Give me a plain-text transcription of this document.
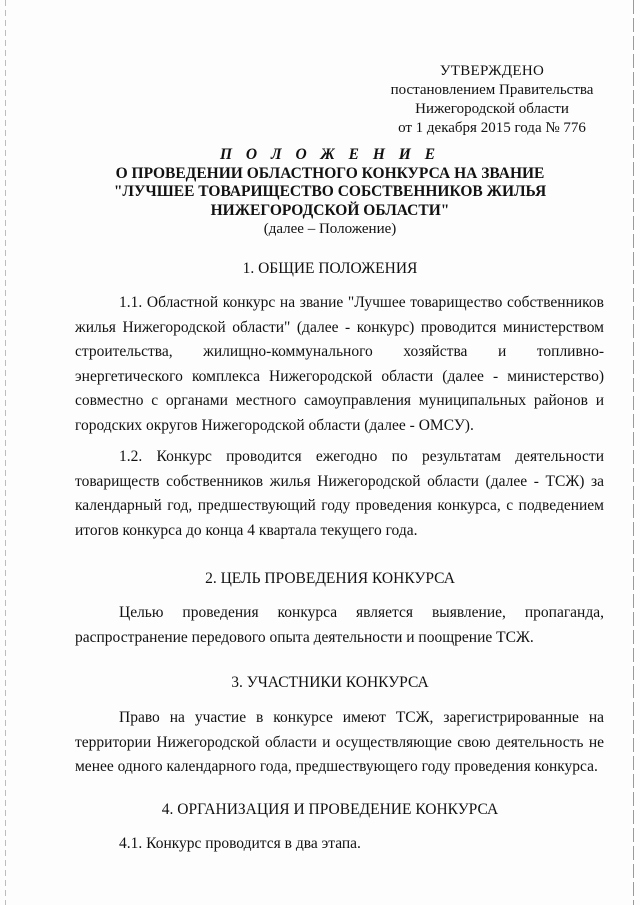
УТВЕРЖДЕНО
постановлением Правительства
Нижегородской области
от 1 декабря 2015 года № 776
П О Л О Ж Е Н И Е
О ПРОВЕДЕНИИ ОБЛАСТНОГО КОНКУРСА НА ЗВАНИЕ
"ЛУЧШЕЕ ТОВАРИЩЕСТВО СОБСТВЕННИКОВ ЖИЛЬЯ
НИЖЕГОРОДСКОЙ ОБЛАСТИ"
(далее – Положение)
1. ОБЩИЕ ПОЛОЖЕНИЯ

1.1. Областной конкурс на звание "Лучшее товарищество собственников жилья Нижегородской области" (далее - конкурс) проводится министерством строительства, жилищно-коммунального хозяйства и топливно-энергетического комплекса Нижегородской области (далее - министерство) совместно с органами местного самоуправления муниципальных районов и городских округов Нижегородской области (далее - ОМСУ).

1.2. Конкурс проводится ежегодно по результатам деятельности товариществ собственников жилья Нижегородской области (далее - ТСЖ) за календарный год, предшествующий году проведения конкурса, с подведением итогов конкурса до конца 4 квартала текущего года.

2. ЦЕЛЬ ПРОВЕДЕНИЯ КОНКУРСА

Целью проведения конкурса является выявление, пропаганда, распространение передового опыта деятельности и поощрение ТСЖ.

3. УЧАСТНИКИ КОНКУРСА

Право на участие в конкурсе имеют ТСЖ, зарегистрированные на территории Нижегородской области и осуществляющие свою деятельность не менее одного календарного года, предшествующего году проведения конкурса.

4. ОРГАНИЗАЦИЯ И ПРОВЕДЕНИЕ КОНКУРСА

4.1. Конкурс проводится в два этапа.
